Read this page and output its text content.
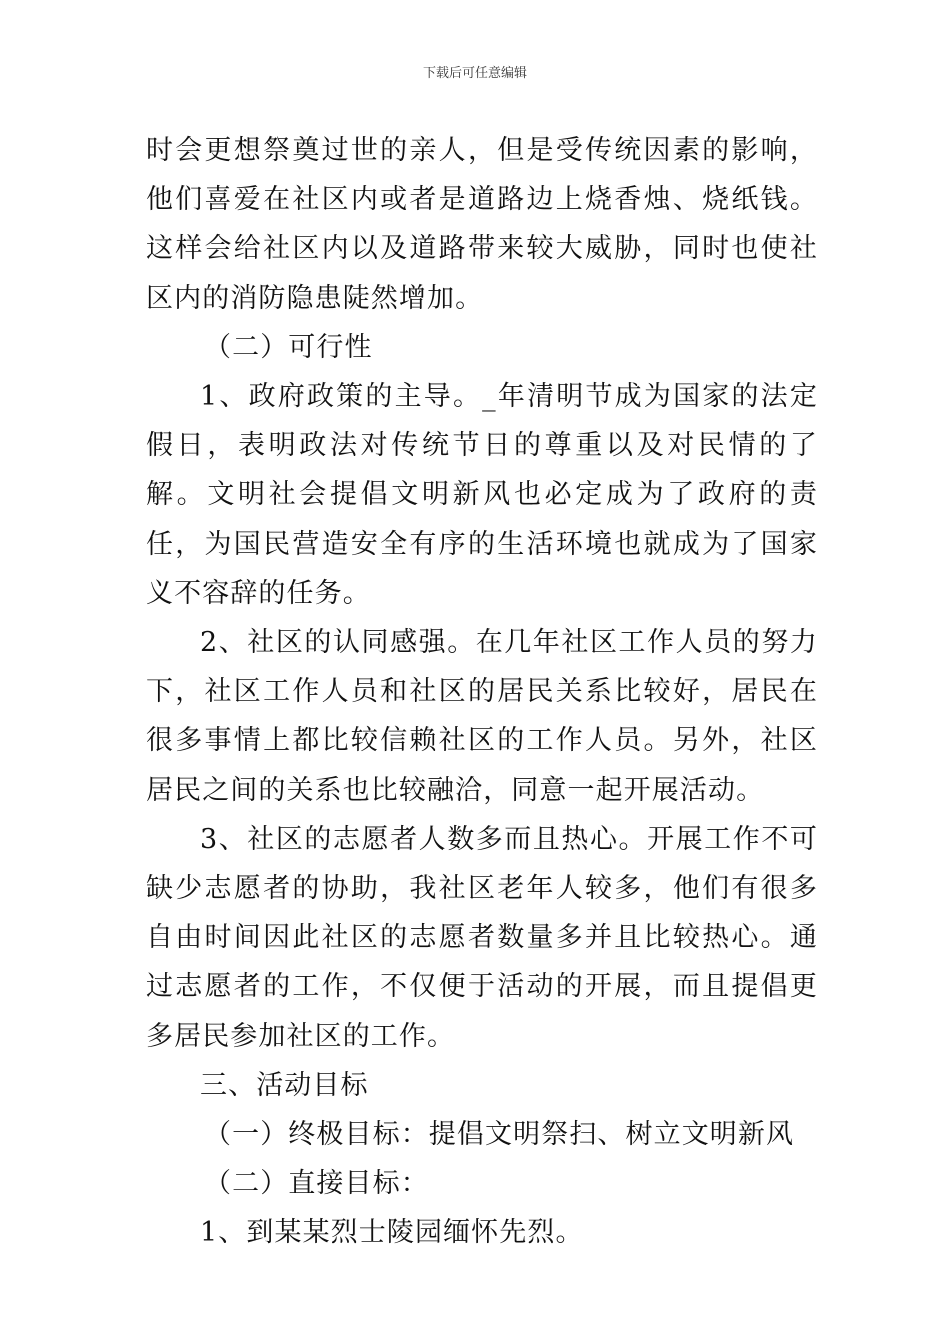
下载后可任意编辑

时会更想祭奠过世的亲人，但是受传统因素的影响，他们喜爱在社区内或者是道路边上烧香烛、烧纸钱。这样会给社区内以及道路带来较大威胁，同时也使社区内的消防隐患陡然增加。

（二）可行性

1、政府政策的主导。_年清明节成为国家的法定假日，表明政法对传统节日的尊重以及对民情的了解。文明社会提倡文明新风也必定成为了政府的责任，为国民营造安全有序的生活环境也就成为了国家义不容辞的任务。

2、社区的认同感强。在几年社区工作人员的努力下，社区工作人员和社区的居民关系比较好，居民在很多事情上都比较信赖社区的工作人员。另外，社区居民之间的关系也比较融洽，同意一起开展活动。

3、社区的志愿者人数多而且热心。开展工作不可缺少志愿者的协助，我社区老年人较多，他们有很多自由时间因此社区的志愿者数量多并且比较热心。通过志愿者的工作，不仅便于活动的开展，而且提倡更多居民参加社区的工作。

三、活动目标

（一）终极目标：提倡文明祭扫、树立文明新风

（二）直接目标：

1、到某某烈士陵园缅怀先烈。
